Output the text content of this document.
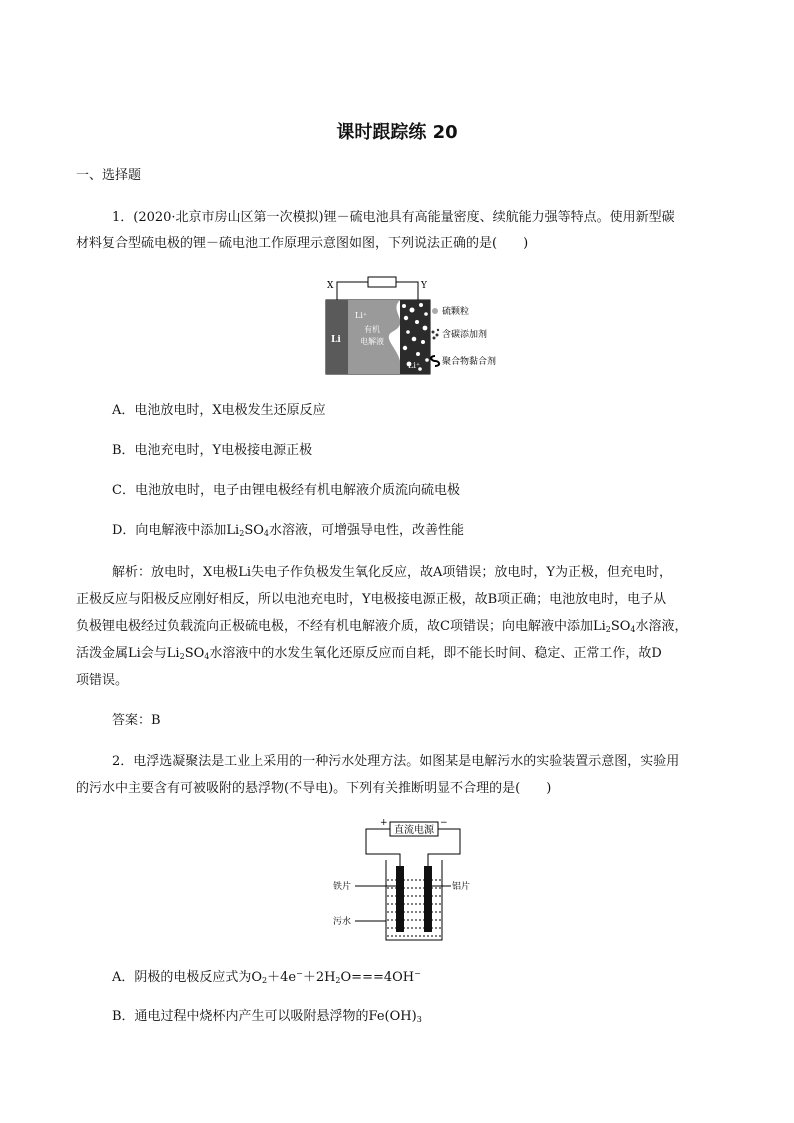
课时跟踪练 20
一、选择题
1．(2020·北京市房山区第一次模拟)锂－硫电池具有高能量密度、续航能力强等特点。使用新型碳
材料复合型硫电极的锂－硫电池工作原理示意图如图，下列说法正确的是(　　)
X	Y
Li
Li⁺
有机
电解液
Li⁺
硫颗粒
含碳添加剂
聚合物黏合剂
A．电池放电时，X电极发生还原反应
B．电池充电时，Y电极接电源正极
C．电池放电时，电子由锂电极经有机电解液介质流向硫电极
D．向电解液中添加$Li_2SO_4$水溶液，可增强导电性，改善性能
解析：放电时，X电极Li失电子作负极发生氧化反应，故A项错误；放电时，Y为正极，但充电时，
正极反应与阳极反应刚好相反，所以电池充电时，Y电极接电源正极，故B项正确；电池放电时，电子从
负极锂电极经过负载流向正极硫电极，不经有机电解液介质，故C项错误；向电解液中添加$Li_2SO_4$水溶液，
活泼金属Li会与$Li_2SO_4$水溶液中的水发生氧化还原反应而自耗，即不能长时间、稳定、正常工作，故D
项错误。
答案：B
2．电浮选凝聚法是工业上采用的一种污水处理方法。如图某是电解污水的实验装置示意图，实验用
的污水中主要含有可被吸附的悬浮物(不导电)。下列有关推断明显不合理的是(　　)
+	−
直流电源
铁片	铝片
污水
A．阴极的电极反应式为$O_2+4e^-+2H_2O===4OH^-$
B．通电过程中烧杯内产生可以吸附悬浮物的$Fe(OH)_3$
